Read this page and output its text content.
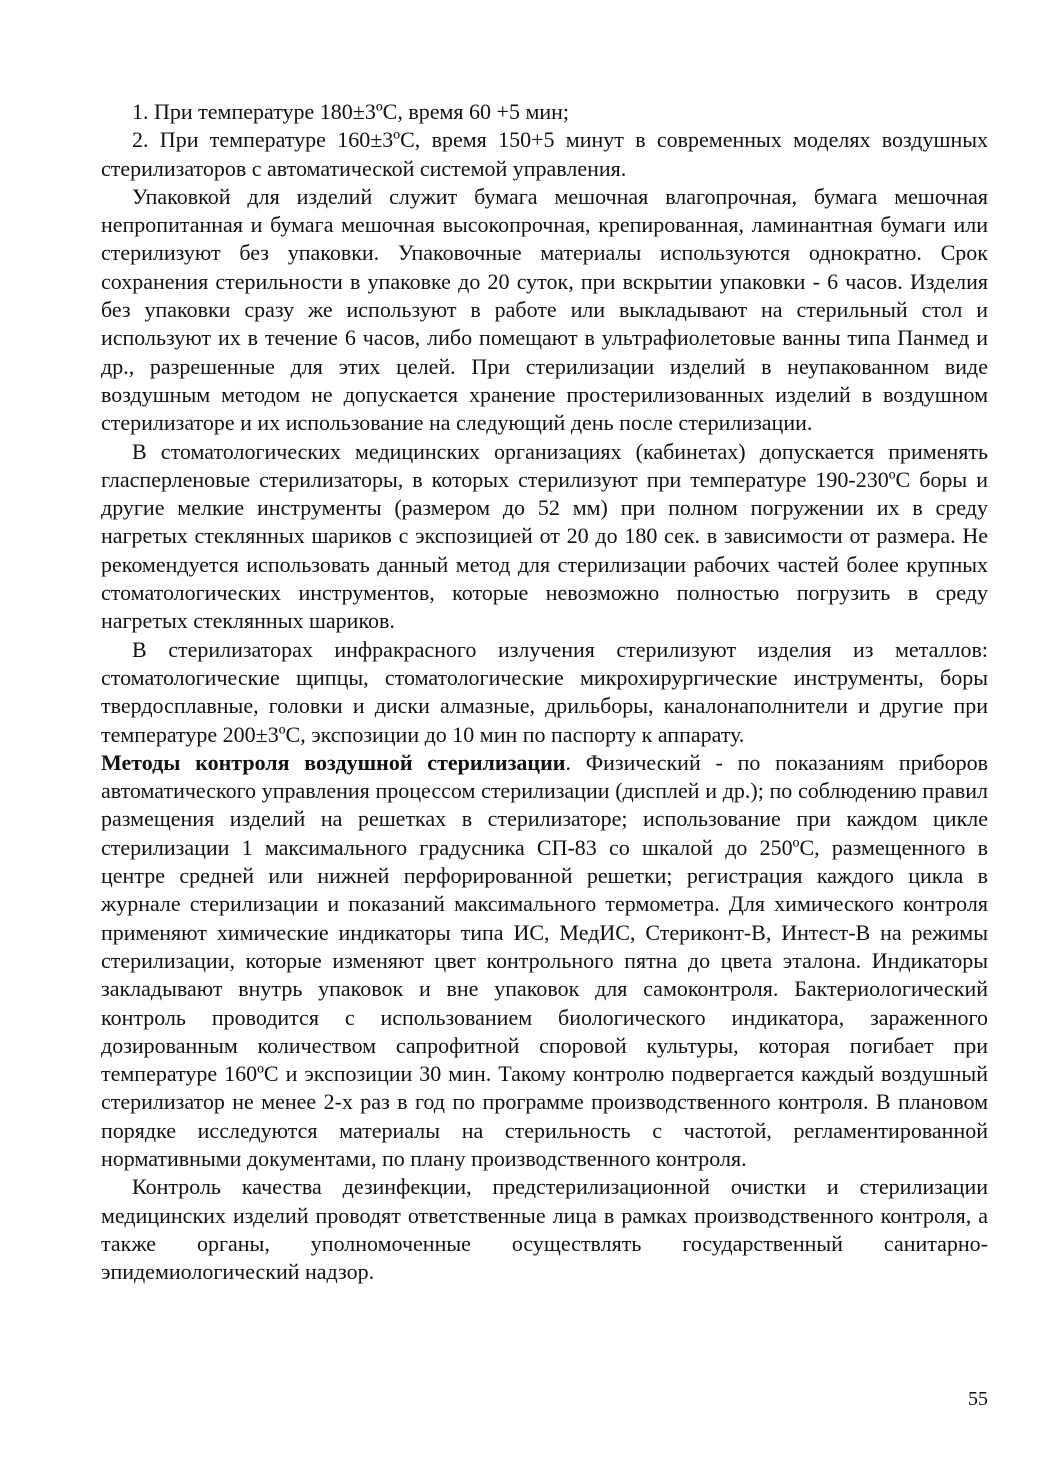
1. При температуре 180±3ºС, время 60 +5 мин;

2. При температуре 160±3ºС, время 150+5 минут в современных моделях воздушных стерилизаторов с автоматической системой управления.

Упаковкой для изделий служит бумага мешочная влагопрочная, бумага мешочная непропитанная и бумага мешочная высокопрочная, крепированная, ламинантная бумаги или стерилизуют без упаковки. Упаковочные материалы используются однократно. Срок сохранения стерильности в упаковке до 20 суток, при вскрытии упаковки - 6 часов. Изделия без упаковки сразу же используют в работе или выкладывают на стерильный стол и используют их в течение 6 часов, либо помещают в ультрафиолетовые ванны типа Панмед и др., разрешенные для этих целей. При стерилизации изделий в неупакованном виде воздушным методом не допускается хранение простерилизованных изделий в воздушном стерилизаторе и их использование на следующий день после стерилизации.

В стоматологических медицинских организациях (кабинетах) допускается применять гласперленовые стерилизаторы, в которых стерилизуют при температуре 190-230ºС боры и другие мелкие инструменты (размером до 52 мм) при полном погружении их в среду нагретых стеклянных шариков с экспозицией от 20 до 180 сек. в зависимости от размера. Не рекомендуется использовать данный метод для стерилизации рабочих частей более крупных стоматологических инструментов, которые невозможно полностью погрузить в среду нагретых стеклянных шариков.

В стерилизаторах инфракрасного излучения стерилизуют изделия из металлов: стоматологические щипцы, стоматологические микрохирургические инструменты, боры твердосплавные, головки и диски алмазные, дрильборы, каналонаполнители и другие при температуре 200±3ºС, экспозиции до 10 мин по паспорту к аппарату.
Методы контроля воздушной стерилизации. Физический - по показаниям приборов автоматического управления процессом стерилизации (дисплей и др.); по соблюдению правил размещения изделий на решетках в стерилизаторе; использование при каждом цикле стерилизации 1 максимального градусника СП-83 со шкалой до 250ºС, размещенного в центре средней или нижней перфорированной решетки; регистрация каждого цикла в журнале стерилизации и показаний максимального термометра. Для химического контроля применяют химические индикаторы типа ИС, МедИС, Стериконт-В, Интест-В на режимы стерилизации, которые изменяют цвет контрольного пятна до цвета эталона. Индикаторы закладывают внутрь упаковок и вне упаковок для самоконтроля. Бактериологический контроль проводится с использованием биологического индикатора, зараженного дозированным количеством сапрофитной споровой культуры, которая погибает при температуре 160ºС и экспозиции 30 мин. Такому контролю подвергается каждый воздушный стерилизатор не менее 2-х раз в год по программе производственного контроля. В плановом порядке исследуются материалы на стерильность с частотой, регламентированной нормативными документами, по плану производственного контроля.

Контроль качества дезинфекции, предстерилизационной очистки и стерилизации медицинских изделий проводят ответственные лица в рамках производственного контроля, а также органы, уполномоченные осуществлять государственный санитарно-эпидемиологический надзор.

55
